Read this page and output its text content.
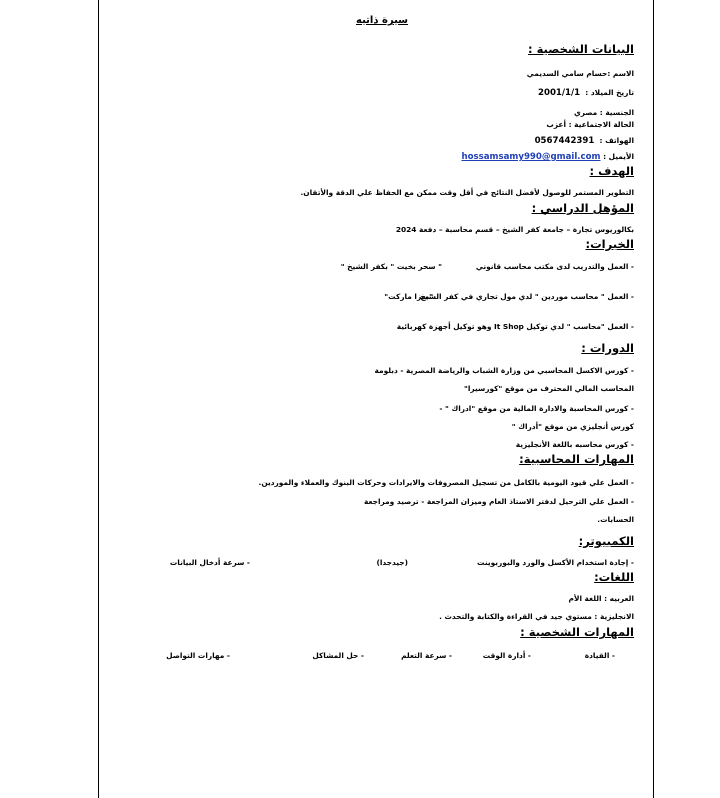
سيرة ذاتيه
البيانات الشخصية :
الاسم :حسام سامي السديمي
تاريخ الميلاد :  2001/1/1
الجنسية : مصري
الحالة الاجتماعية : أعزب
الهواتف :  0567442391
الأيميل : hossamsamy990@gmail.com
الهدف :
التطوير المستمر للوصول لأفضل النتائج في أقل وقت ممكن مع الحفاظ علي الدقة والأتقان.
المؤهل الدراسي :
بكالوريوس تجارة – جامعة كفر الشيخ – قسم محاسبة – دفعة 2024
الخبرات:
- العمل والتدريب لدى مكتب محاسب قانوني
" سحر بخيت " بكفر الشيخ "
- العمل " محاسب موردين " لدي مول تجاري في كفر الشيخ
"ميزا ماركت"
- العمل "محاسب " لدي توكيل It Shop وهو توكيل أجهزة كهربائية
الدورات :
- كورس الاكسل المحاسبي من وزارة الشباب والرياضة المصرية - دبلومة
المحاسب المالي المحترف من موقع "كورسيرا"
- كورس المحاسبة والادارة المالية من موقع "ادراك " -
كورس أنجليزي من موقع "أدراك "
- كورس محاسبه باللغة الأنجليزية
المهارات المحاسبية:
- العمل علي قيود اليومية بالكامل من تسجيل المصروفات والايرادات وحركات البنوك والعملاء والموردين.
- العمل علي الترحيل لدفتر الاستاذ العام وميزان المراجعة - ترصيد ومراجعة
الحسابات.
الكمبيوتر:
- إجادة استخدام الأكسل والورد والبوربوينت
(جيدجدا)
- سرعة أدخال البيانات
اللغات:
العربيه : اللغة الأم
الانجليزية : مستوي جيد في القراءة والكتابة والتحدث .
المهارات الشخصية :
- القيادة
- أدارة الوقت
- سرعة التعلم
- حل المشاكل
- مهارات التواصل
